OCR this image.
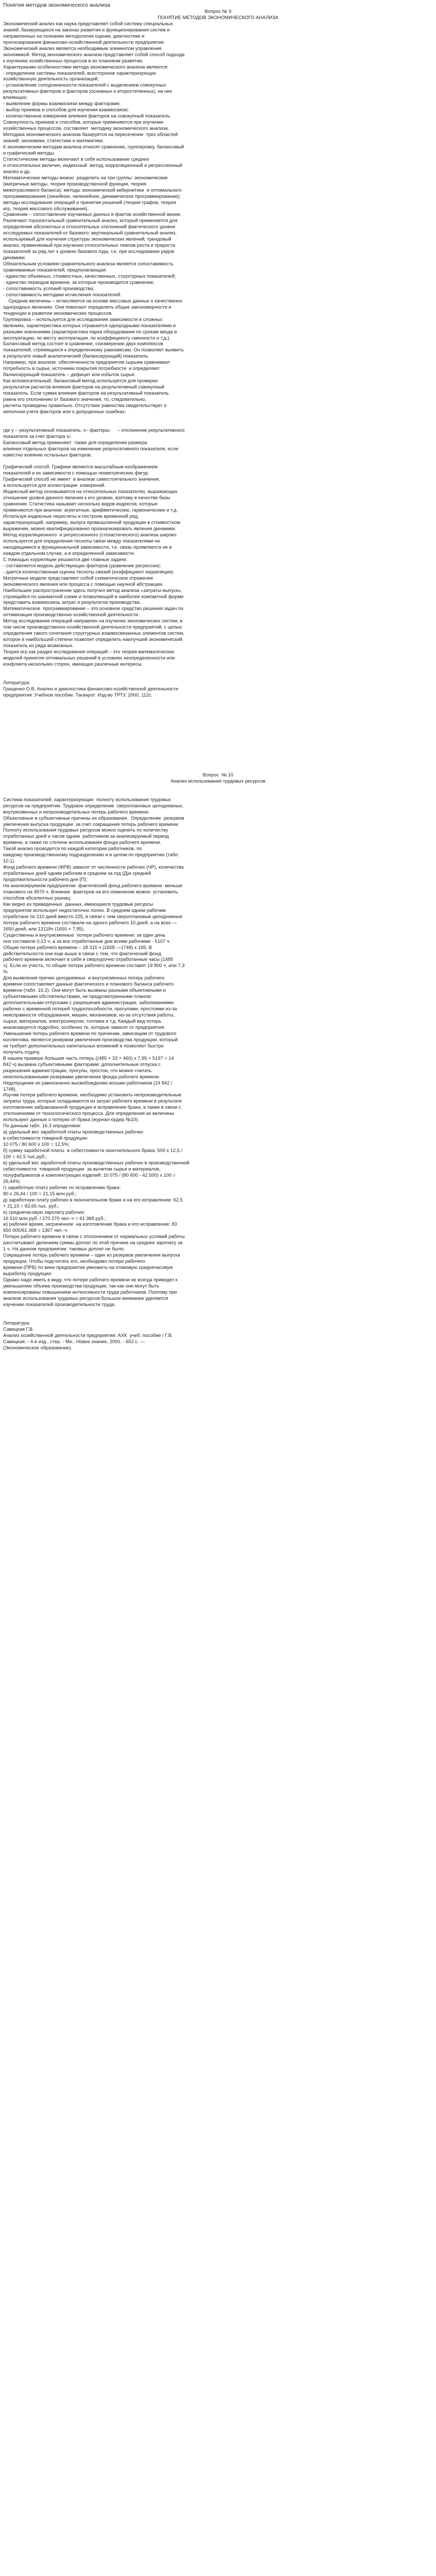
Понятия методов экономического анализа

Вопрос № 9

ПОНЯТИЕ МЕТОДОВ ЭКОНОМИЧЕСКОГО АНАЛИЗА

Экономический анализ как наука представляет собой систему специальных

знаний, базирующихся на законах развития и функционирования систем и

направленных на познание методологии оценки, диагностики и

прогнозирования финансово-хозяйственной деятельности предприятия.

Экономический анализ является необходимым элементом управления

экономикой. Метод экономического анализа представляет собой способ подхода

к изучению хозяйственных процессов в их плановом развитии.

Характерными особенностями метода экономического анализа являются:

- определение системы показателей, всесторонне характеризующих

хозяйственную деятельность организаций;

- установление соподчиненности показателей с выделением совокупных

результативных факторов и факторов (основных и второстепенных), на них

влияющих;

- выявление формы взаимосвязи между факторами;

- выбор приемов и способов для изучения взаимосвязи;

- количественное измерение влияния факторов на совокупный показатель.

Совокупность приемов и способов, которые применяются при изучении

хозяйственных процессов, составляет  методику экономического анализа.

Методика экономического анализа базируется на пересечении  трех областей

знаний: экономики, статистики и математики.

К экономическим методам анализа относят сравнение, группировку, балансовый

и графический методы.

Статистические методы включают в себя использование средних

и относительных величин, индексный  метод, корреляционный и регрессионный

анализ и др.

Математические методы можно  разделить на три группы: экономические

(матричные методы, теория производственной функции, теория

межотраслевого баланса); методы экономической кибернетики  и оптимального

программирования (линейное, нелинейное, динамическое программирование);

методы исследования операций и принятия решений (теория графов, теория

игр, теория массового обслуживания).

Сравнение – сопоставление изучаемых данных и фактов хозяйственной жизни.

Различают горизонтальный сравнительный анализ, который применяется для

определения абсолютных и относительных отклонений фактического уровня

исследуемых показателей от базового; вертикальный сравнительный анализ,

используемый для изучения структуры экономических явлений; трендовый

анализ, применяемый при изучении относительных темпов роста и прироста

показателей за ряд лет к уровню базового года, т.е. при исследовании рядов

динамики.

Обязательным условием сравнительного анализа является сопоставимость

сравниваемых показателей, предполагающая:

- единство объемных, стоимостных, качественных, структурных показателей;

- единство периодов времени, за которые производится сравнение;

- сопоставимость условий производства;

- сопоставимость методики исчисления показателей.

Средние величины – исчисляются на основе массовых данных о качественно

однородных явлениях. Они помогают определить общие закономерности и

тенденции в развитии экономических процессов.

Группировка – используется для исследования зависимости в сложных

явлениях, характеристика которых отражается однородными показателями и

разными значениями (характеристика парка оборудования по срокам ввода в

эксплуатацию, по месту эксплуатации, по коэффициенту сменности и т.д.).

Балансовый метод состоит в сравнении, соизмерении двух комплексов

показателей, стремящихся к определенному равновесию. Он позволяет выявить

в результате новый аналитический (балансирующий) показатель.

Например, при анализе  обеспеченности предприятия сырьем сравнивают

потребность в сырье, источники покрытия потребности  и определяют

балансирующий показатель – дефицит или избыток сырья.

Как вспомогательный, балансовый метод используется для проверки

результатов расчетов влияния факторов на результативный совокупный

показатель. Если сумма влияния факторов на результативный показатель

равна его отклонению от базового значения, то, следовательно,

расчеты проведены правильно. Отсутствие равенства свидетельствует о

неполном учете факторов или о допущенных ошибках:

где у – результативный показатель; х– факторы;     – отклонение результативного

показателя за счет фактора хi.

Балансовый метод применяют  также для определения размера

влияния отдельных факторов на изменение результативного показателя, если

известно влияние остальных факторов.

Графический способ. Графики являются масштабным изображением

показателей и их зависимости с помощью геометрических фигур.

Графический способ не имеет  в анализе самостоятельного значения,

а используется для иллюстрации  измерений.

Индексный метод основывается на относительных показателях, выражающих

отношение уровня данного явления к его уровню, взятому в качестве базы

сравнения. Статистика называет несколько видов индексов, которые

применяются при анализе: агрегатные, арифметические, гармонические и т.д.

Используя индексные пересчеты и построив временной ряд,

характеризующий, например, выпуск промышленной продукции в стоимостном

выражении, можно квалифицированно проанализировать явления динамики.

Метод корреляционного  и регрессионного (стохастического) анализа широко

используется для определения тесноты связи между показателями не

находящимися в функциональной зависимости, т.е. связь проявляется не в

каждом отдельном случае, а в определенной зависимости.

С помощью корреляции решаются две главные задачи:

- составляется модель действующих факторов (уравнение регрессии);

- дается количественная оценка тесноты связей (коэффициент корреляции).

Матричные модели представляют собой схематическое отражение

экономического явления или процесса с помощью научной абстракции.

Наибольшее распространение здесь получил метод анализа «затраты-выпуск»,

строящийся по шахматной схеме и позволяющий в наиболее компактной форме

представить взаимосвязь затрат и результатов производства.

Математическое  программирование – это основное средство решения задач по

оптимизации производственно-хозяйственной деятельности.

Метод исследования операций направлен на изучение экономических систем, в

том числе производственно-хозяйственной деятельности предприятий, с целью

определения такого сочетания структурных взаимосвязанных элементов систем,

которое в наибольшей степени позволит определить наилучший экономический

показатель из ряда возможных.

Теория игр как раздел исследования операций – это теория математических

моделей принятия оптимальных решений в условиях неопределенности или

конфликта нескольких сторон, имеющих различные интересы.

Литература:

Гращенко О.В. Анализ и диагностика финансово-хозяйственной деятельности

предприятия: Учебное пособие. Таганрог: Изд-во ТРТУ, 2000, 112с.

Вопрос  № 10

Анализ использования трудовых ресурсов

Система показателей, характеризующих  полноту использования трудовых

ресурсов на предприятии. Трудовое определение  сверхплановых целодневных,

внутрисменных и непроизводительных потерь рабочего времени.

Объективные и субъективные причины их образования.  Определение  резервов

увеличения выпуска продукции  за счет сокращения потерь рабочего времени.

Полноту использования трудовых ресурсов можно оценить по количеству

отработанных дней и часов одним  работником за анализируемый период

времени, а также по степени использования фонда рабочего времени.

Такой анализ проводится по каждой категории работников, по

каждому производственному подразделению и в целом по предприятию (табл.

10.1).

Фонд рабочего времени (ФРВ) зависит от численности рабочих (ЧР), количества

отработанных дней одним рабочим в среднем за год (Д)и средней

продолжительности рабочего дня (П):

На анализируемом предприятии  фактический фонд рабочего времени  меньше

планового на 9970 ч. Влияние  факторов на его изменение можно  установить

способом абсолютных разниц:

Как видно из приведенных  данных, имеющиеся трудовые ресурсы

предприятие использует недостаточно полно. В среднем одним рабочим

отработано по 210 дней вместо 225, в связи с чем сверхплановые целодневные

потери рабочего времени составили на одного рабочего 10 дней, а на всех —

1650 дней, или 13118ч (1650 × 7,95).

Существенны и внутрисменные  потери рабочего времени: за один день

они составили 0,13 ч, а за все отработанные дни всеми рабочими - 5107 ч.

Общие потери рабочего времени – 18 315 ч (1658 —1748) х 165. В

действительности они еще выше в связи с тем, что фактический фонд

рабочего времени включает в себя и сверхурочно отработанные часы (1485

ч). Если их учесть, то общие потери рабочего времени составят 19 800 ч, или 7,3

%.

Для выявления причин целодневных  и внутрисменных потерь рабочего

времени сопоставляют данные фактического и планового баланса рабочего

времени (табл. 16.2). Они могут быть вызваны разными объективными и

субъективными обстоятельствами, не предусмотренными планом:

дополнительными отпусками с разрешения администрации, заболеваниями

рабочих с временной потерей трудоспособности, прогулами, простоями из-за

неисправности оборудования, машин, механизмов, из-за отсутствия работы,

сырья, материалов, электроэнергии, топлива и т.д. Каждый вид потерь

анализируется подробно, особенно те, которые зависят от предприятия.

Уменьшение потерь рабочего времени по причинам, зависящим от трудового

коллектива, является резервом увеличения производства продукции, который

не требует дополнительных капитальных вложений и позволяет быстро

получить отдачу.

В нашем примере большая часть потерь ((485 + 33 + 460) х 7,95 + 5197 = 14

842 ч) вызвана субъективными факторами: дополнительные отпуска с

разрешения администрации, прогулы, простои, что можно считать

неиспользованными резервами увеличения фонда рабочего времени.

Недопущение их равнозначно высвобождению восьми работников (14 842 /

1748).

Изучив потери рабочего времени, необходимо установить непроизводительные

затраты труда, которые складываются из затрат рабочего времени в результате

изготовления забракованной продукции и исправления брака, а также в связи с

отклонениями от технологического процесса. Для определения их величины

используют данные о потерях от брака (журнал-ордер №10).

По данным табл. 16.3 определяем:

а) удельный вес заработной платы производственных рабочих

в себестоимости товарной продукции:

10 075 / 80 600 х 100 = 12,5%;

б) сумму заработной платы  в себестоимости окончательного брака: 500 х 12,5 /

100 = 62,5 тыс.руб.;

в) удельный вес заработной платы производственных рабочих в производственной

себестоимости  товарной продукции  за вычетом сырья и материалов,

полуфабрикатов и комплектующих изделий: 10 075 / (80 600 - 42 500) х 100 =

26,44%;

г) заработную плату рабочих по исправлению брака:

80 х 26,44 / 100 = 21,15 млн руб.;

д) заработную плату рабочих в окончательном браке и на его исправление: 62,5

+ 21,15 = 83,65 тыс. руб.;

е) среднечасовую зарплату рабочих:

16 510 млн.руб. / 270 270 чел.-ч = 61 368 руб.;

ж) рабочее время, затраченное  на изготовление брака и его исправление: 83

650 000/61 368 = 1367 чел.-ч.

Потери рабочего времени в связи с отклонением от нормальных условий работы

рассчитывают делением суммы доплат по этой причине на среднее зарплату за

1 ч. На данном предприятии  таковых доплат не было.

Сокращение потерь рабочего времени – один из резервов увеличения выпуска

продукции. Чтобы подсчитать его, необходимо потери рабочего

времени (ПРВ) по вине предприятия умножить на плановую среднечасовую

выработку продукции:

Однако надо иметь в виду, что потери рабочего времени не всегда приводят к

уменьшению объема производства продукции, так как они могут быть

компенсированы повышением интенсивности труда работников. Поэтому при

анализе использования трудовых ресурсов большое внимание уделяется

изучению показателей производительности труда.

Литература:

Савицкая Г.В.

Анализ хозяйственной деятельности предприятия: АХК  учеб. пособие / Г.В.

Савицкая. - 4-е изд., стер. - Мн.: Новое знание, 2000. - 652 с. —

(Экономическое образование).
